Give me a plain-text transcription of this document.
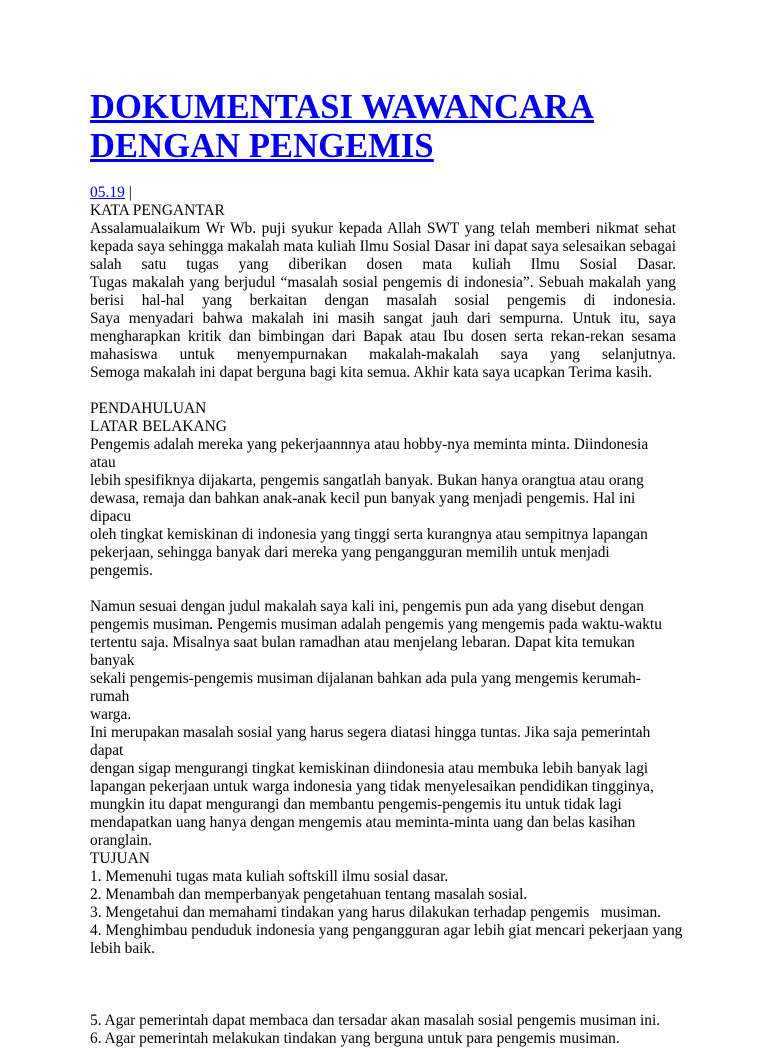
DOKUMENTASI WAWANCARA DENGAN PENGEMIS
05.19 |
KATA PENGANTAR
Assalamualaikum Wr Wb. puji syukur kepada Allah SWT yang telah memberi nikmat sehat
kepada saya sehingga makalah mata kuliah Ilmu Sosial Dasar ini dapat saya selesaikan sebagai
salah satu tugas yang diberikan dosen mata kuliah Ilmu Sosial Dasar.
Tugas makalah yang berjudul “masalah sosial pengemis di indonesia”. Sebuah makalah yang
berisi hal-hal yang berkaitan dengan masalah sosial pengemis di indonesia.
Saya menyadari bahwa makalah ini masih sangat jauh dari sempurna. Untuk itu, saya
mengharapkan kritik dan bimbingan dari Bapak atau Ibu dosen serta rekan-rekan sesama
mahasiswa untuk menyempurnakan makalah-makalah saya yang selanjutnya.
Semoga makalah ini dapat berguna bagi kita semua. Akhir kata saya ucapkan Terima kasih.
PENDAHULUAN
LATAR BELAKANG
Pengemis adalah mereka yang pekerjaannnya atau hobby-nya meminta minta. Diindonesia atau
lebih spesifiknya dijakarta, pengemis sangatlah banyak. Bukan hanya orangtua atau orang
dewasa, remaja dan bahkan anak-anak kecil pun banyak yang menjadi pengemis. Hal ini dipacu
oleh tingkat kemiskinan di indonesia yang tinggi serta kurangnya atau sempitnya lapangan
pekerjaan, sehingga banyak dari mereka yang pengangguran memilih untuk menjadi pengemis.
Namun sesuai dengan judul makalah saya kali ini, pengemis pun ada yang disebut dengan
pengemis musiman. Pengemis musiman adalah pengemis yang mengemis pada waktu-waktu
tertentu saja. Misalnya saat bulan ramadhan atau menjelang lebaran. Dapat kita temukan banyak
sekali pengemis-pengemis musiman dijalanan bahkan ada pula yang mengemis kerumah-rumah
warga.
Ini merupakan masalah sosial yang harus segera diatasi hingga tuntas. Jika saja pemerintah dapat
dengan sigap mengurangi tingkat kemiskinan diindonesia atau membuka lebih banyak lagi
lapangan pekerjaan untuk warga indonesia yang tidak menyelesaikan pendidikan tingginya,
mungkin itu dapat mengurangi dan membantu pengemis-pengemis itu untuk tidak lagi
mendapatkan uang hanya dengan mengemis atau meminta-minta uang dan belas kasihan
oranglain.
TUJUAN
1. Memenuhi tugas mata kuliah softskill ilmu sosial dasar.
2. Menambah dan memperbanyak pengetahuan tentang masalah sosial.
3. Mengetahui dan memahami tindakan yang harus dilakukan terhadap pengemis   musiman.
4. Menghimbau penduduk indonesia yang pengangguran agar lebih giat mencari pekerjaan yang
lebih baik.
5. Agar pemerintah dapat membaca dan tersadar akan masalah sosial pengemis musiman ini.
6. Agar pemerintah melakukan tindakan yang berguna untuk para pengemis musiman.
